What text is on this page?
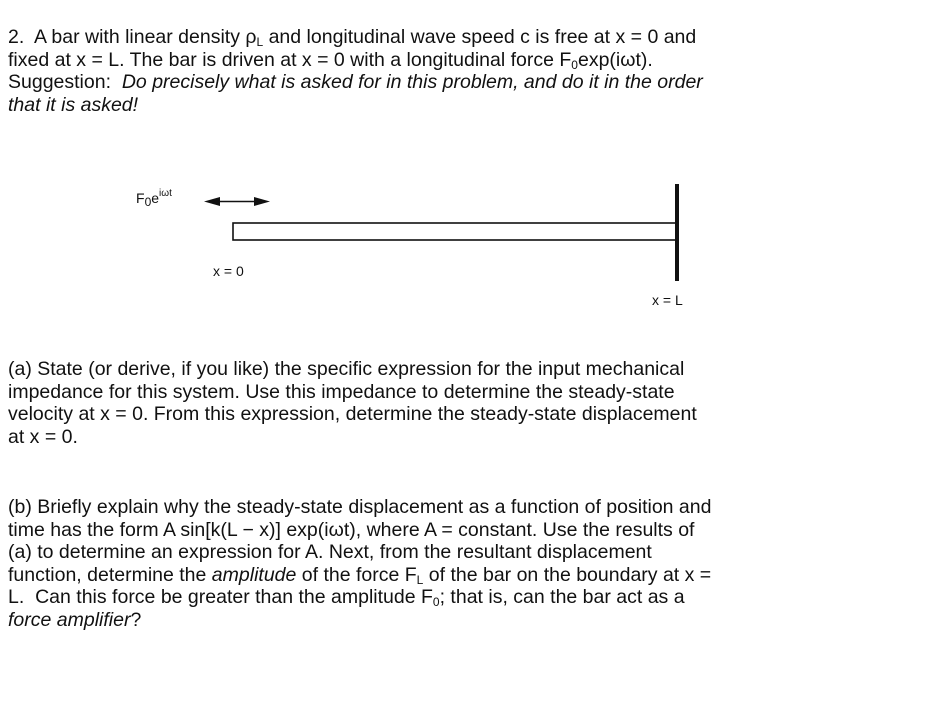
2. A bar with linear density $\rho_L$ and longitudinal wave speed c is free at x = 0 and
fixed at x = L. The bar is driven at x = 0 with a longitudinal force $F_0\exp(i\omega t)$.
Suggestion:  Do precisely what is asked for in this problem, and do it in the order
that it is asked!
$F_0e^{i\omega t}$
x = 0
x = L
(a) State (or derive, if you like) the specific expression for the input mechanical
impedance for this system. Use this impedance to determine the steady-state
velocity at x = 0. From this expression, determine the steady-state displacement
at x = 0.
(b) Briefly explain why the steady-state displacement as a function of position and
time has the form A sin[k(L − x)] exp(iωt), where A = constant. Use the results of
(a) to determine an expression for A. Next, from the resultant displacement
function, determine the amplitude of the force $F_L$ of the bar on the boundary at x =
L.  Can this force be greater than the amplitude $F_0$; that is, can the bar act as a
force amplifier?
